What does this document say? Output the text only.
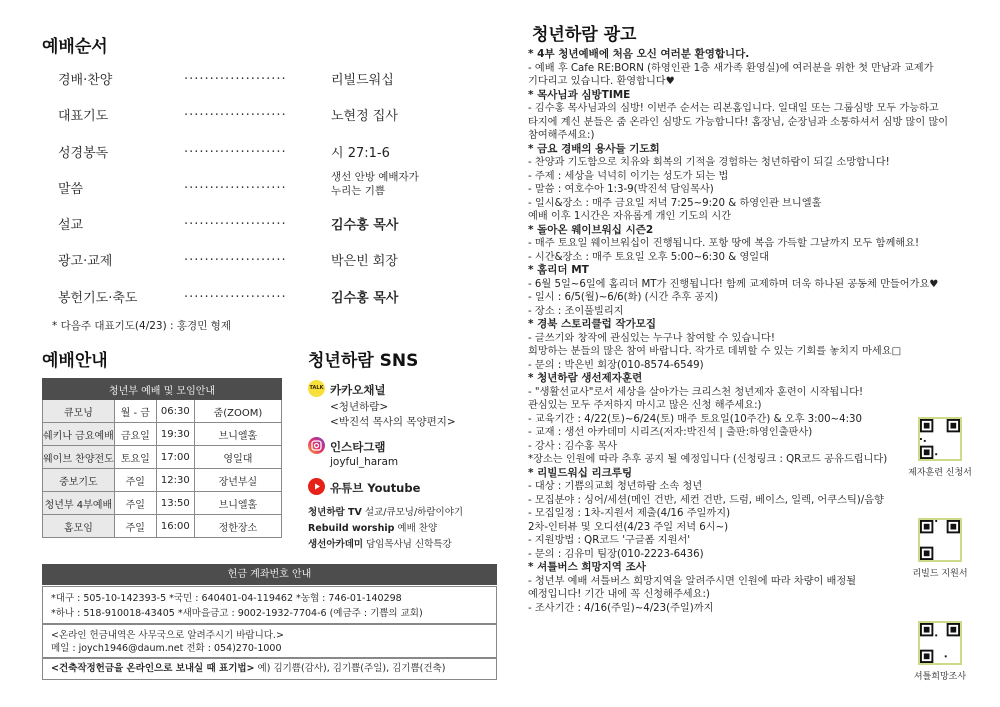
예배순서
경배·찬양	....................	리빌드워십
대표기도	....................	노현정 집사
성경봉독	....................	시 27:1-6
말씀	....................	생선 안방 예배자가
누리는 기쁨
설교	....................	김수홍 목사
광고·교제	....................	박은빈 회장
봉헌기도·축도	....................	김수홍 목사
* 다음주 대표기도(4/23) : 홍경민 형제
예배안내
청년부 예배 및 모임안내			
큐모닝	월 - 금	06:30	줌(ZOOM)
쉐키나 금요예배	금요일	19:30	브니엘홀
웨이브 찬양전도	토요일	17:00	영일대
중보기도	주일	12:30	장년부실
청년부 4부예배	주일	13:50	브니엘홀
홈모임	주일	16:00	정한장소
청년하람 SNS
TALK 카카오채널
<청년하람>
<박진석 목사의 목양편지>
인스타그램
joyful_haram
유튜브 Youtube
청년하람 TV 설교/큐모닝/하람이야기
Rebuild worship 예배 찬양
생선아카데미 담임목사님 신학특강
헌금 계좌번호 안내
*대구 : 505-10-142393-5 *국민 : 640401-04-119462 *농협 : 746-01-140298
*하나 : 518-910018-43405 *새마을금고 : 9002-1932-7704-6 (예금주 : 기쁨의 교회)
<온라인 헌금내역은 사무국으로 알려주시기 바랍니다.>
메일 : joych1946@daum.net 전화 : 054)270-1000
<건축작정헌금을 온라인으로 보내실 때 표기법> 예) 김기쁨(감사), 김기쁨(주일), 김기쁨(건축)
청년하람 광고
* 4부 청년예배에 처음 오신 여러분 환영합니다.
- 예배 후 Cafe RE:BORN (하영인관 1층 새가족 환영실)에 여러분을 위한 첫 만남과 교제가
기다리고 있습니다. 환영합니다♥
* 목사님과 심방TIME
- 김수홍 목사님과의 심방! 이번주 순서는 리본홈입니다. 일대일 또는 그룹심방 모두 가능하고
타지에 계신 분들은 줌 온라인 심방도 가능합니다! 홈장님, 순장님과 소통하셔서 심방 많이 많이
참여해주세요:)
* 금요 경배의 용사들 기도회
- 찬양과 기도함으로 치유와 회복의 기적을 경험하는 청년하람이 되길 소망합니다!
- 주제 : 세상을 넉넉히 이기는 성도가 되는 법
- 말씀 : 여호수아 1:3-9(박진석 담임목사)
- 일시&장소 : 매주 금요일 저녁 7:25~9:20 & 하영인관 브니엘홀
예배 이후 1시간은 자유롭게 개인 기도의 시간
* 돌아온 웨이브워십 시즌2
- 매주 토요일 웨이브워십이 진행됩니다. 포항 땅에 복음 가득할 그날까지 모두 함께해요!
- 시간&장소 : 매주 토요일 오후 5:00~6:30 & 영일대
* 홈리더 MT
- 6월 5일~6일에 홈리더 MT가 진행됩니다! 함께 교제하며 더욱 하나된 공동체 만들어가요♥
- 일시 : 6/5(월)~6/6(화) (시간 추후 공지)
- 장소 : 조이풀빌리지
* 경북 스토리클럽 작가모집
- 글쓰기와 창작에 관심있는 누구나 참여할 수 있습니다!
희망하는 분들의 많은 참여 바랍니다. 작가로 데뷔할 수 있는 기회를 놓치지 마세요□
- 문의 : 박은빈 회장(010-8574-6549)
* 청년하람 생선제자훈련
- "생활선교사"로서 세상을 살아가는 크리스천 청년제자 훈련이 시작됩니다!
관심있는 모두 주저하지 마시고 많은 신청 해주세요:)
- 교육기간 : 4/22(토)~6/24(토) 매주 토요일(10주간) & 오후 3:00~4:30
- 교재 : 생선 아카데미 시리즈(저자:박진석 | 출판:하영인출판사)
- 강사 : 김수홍 목사
*장소는 인원에 따라 추후 공지 될 예정입니다 (신청링크 : QR코드 공유드립니다)
* 리빌드워십 리크루팅
- 대상 : 기쁨의교회 청년하람 소속 청년
- 모집분야 : 싱어/세션(메인 건반, 세컨 건반, 드럼, 베이스, 일렉, 어쿠스틱)/음향
- 모집일정 : 1차-지원서 제출(4/16 주일까지)
2차-인터뷰 및 오디션(4/23 주일 저녁 6시~)
- 지원방법 : QR코드 '구글폼 지원서'
- 문의 : 김유미 팀장(010-2223-6436)
* 셔틀버스 희망지역 조사
- 청년부 예배 셔틀버스 희망지역을 알려주시면 인원에 따라 차량이 배정될
예정입니다! 기간 내에 꼭 신청해주세요:)
- 조사기간 : 4/16(주일)~4/23(주일)까지
제자훈련 신청서
리빌드 지원서
셔틀희망조사
